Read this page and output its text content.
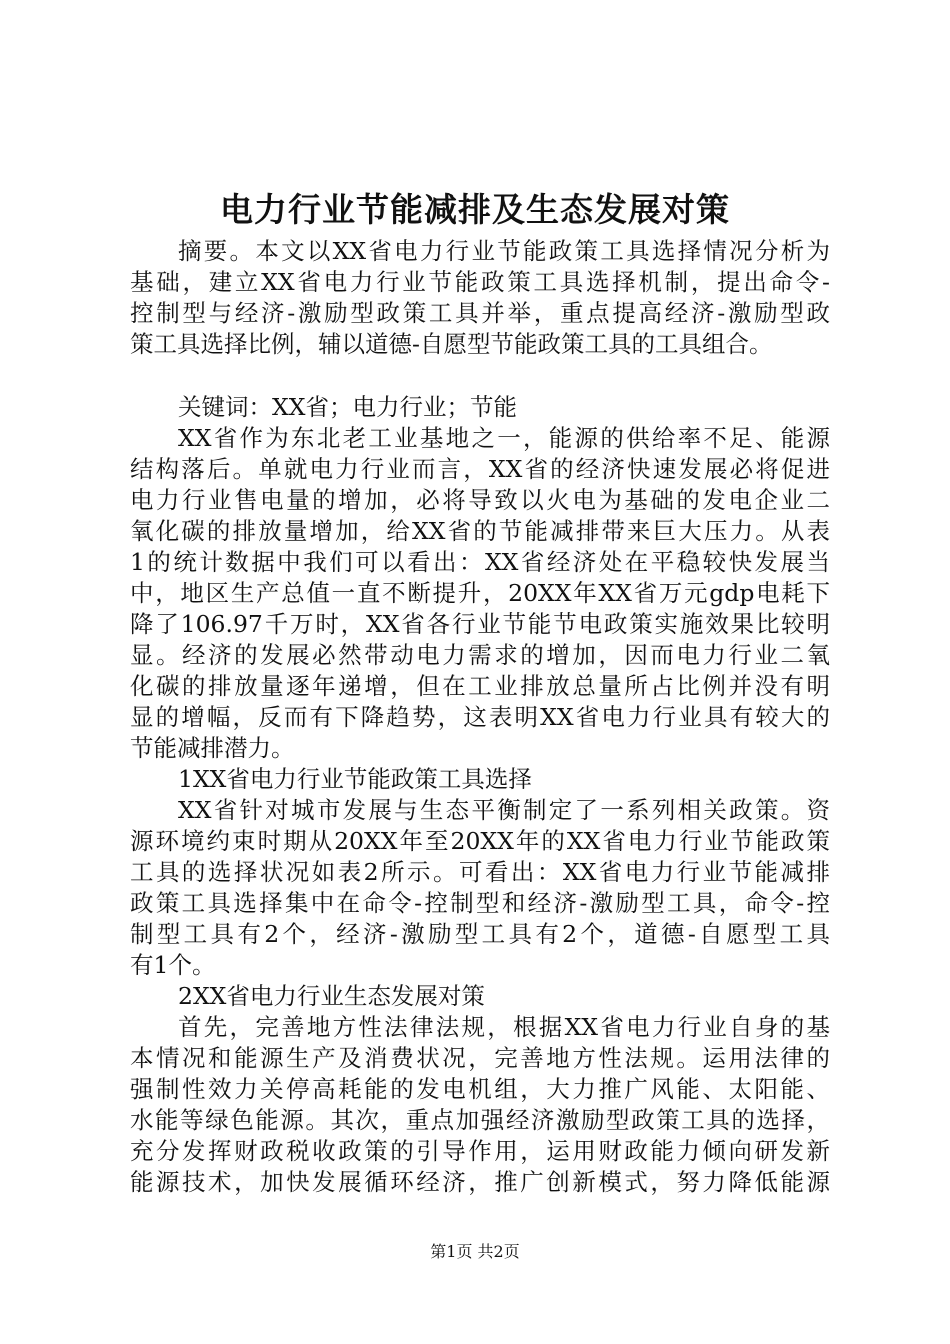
电力行业节能减排及生态发展对策
摘要。本文以XX省电力行业节能政策工具选择情况分析为
基础，建立XX省电力行业节能政策工具选择机制，提出命令-
控制型与经济-激励型政策工具并举，重点提高经济-激励型政
策工具选择比例，辅以道德-自愿型节能政策工具的工具组合。
关键词：XX省；电力行业；节能
XX省作为东北老工业基地之一，能源的供给率不足、能源
结构落后。单就电力行业而言，XX省的经济快速发展必将促进
电力行业售电量的增加，必将导致以火电为基础的发电企业二
氧化碳的排放量增加，给XX省的节能减排带来巨大压力。从表
1的统计数据中我们可以看出：XX省经济处在平稳较快发展当
中，地区生产总值一直不断提升，20XX年XX省万元gdp电耗下
降了106.97千万时，XX省各行业节能节电政策实施效果比较明
显。经济的发展必然带动电力需求的增加，因而电力行业二氧
化碳的排放量逐年递增，但在工业排放总量所占比例并没有明
显的增幅，反而有下降趋势，这表明XX省电力行业具有较大的
节能减排潜力。
1XX省电力行业节能政策工具选择
XX省针对城市发展与生态平衡制定了一系列相关政策。资
源环境约束时期从20XX年至20XX年的XX省电力行业节能政策
工具的选择状况如表2所示。可看出：XX省电力行业节能减排
政策工具选择集中在命令-控制型和经济-激励型工具，命令-控
制型工具有2个，经济-激励型工具有2个，道德-自愿型工具
有1个。
2XX省电力行业生态发展对策
首先，完善地方性法律法规，根据XX省电力行业自身的基
本情况和能源生产及消费状况，完善地方性法规。运用法律的
强制性效力关停高耗能的发电机组，大力推广风能、太阳能、
水能等绿色能源。其次，重点加强经济激励型政策工具的选择，
充分发挥财政税收政策的引导作用，运用财政能力倾向研发新
能源技术，加快发展循环经济，推广创新模式，努力降低能源
第1页 共2页
